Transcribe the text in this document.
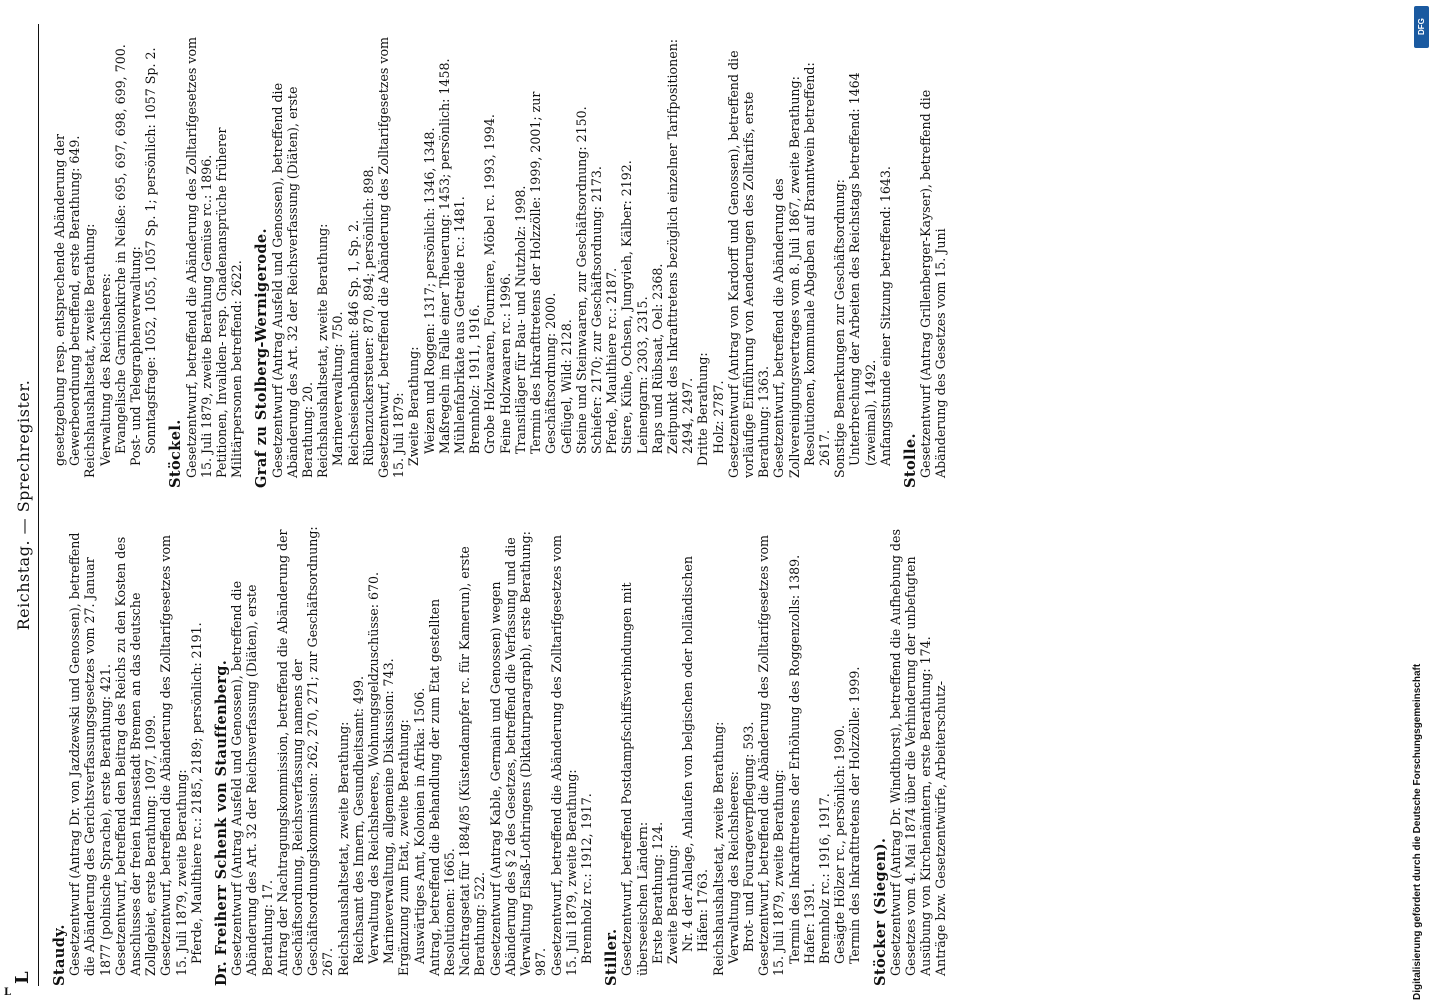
L
Reichstag. — Sprechregister.
Staudy. Gesetzentwurf (Antrag Dr. von Jazdzewski und Genossen), betreffend die Abänderung des Gerichtsverfassungsgesetzes vom 27. Januar 1877 (polnische Sprache), erste Berathung: 421. Gesetzentwurf, betreffend den Beitrag des Reichs zu den Kosten des Anschlusses der freien Hansestadt Bremen an das deutsche Zollgebiet, erste Berathung: 1097, 1099. Gesetzentwurf, betreffend die Abänderung des Zolltarifgesetzes vom 15. Juli 1879, zweite Berathung: Pferde, Maulthiere rc.: 2185, 2189; persönlich: 2191. Dr. Freiherr Schenk von Stauffenberg. Gesetzentwurf (Antrag Ausfeld und Genossen), betreffend die Abänderung des Art. 32 der Reichsverfassung (Diäten), erste Berathung: 17. Antrag der Nachtragungskommission, betreffend die Abänderung der Geschäftsordnung, Reichsverfassung namens der Geschäftsordnungskommission: 262, 270, 271; zur Geschäftsordnung: 267. Reichshaushaltsetat, zweite Berathung: Reichsamt des Innern, Gesundheitsamt: 499. Verwaltung des Reichsheeres, Wohnungsgeldzuschüsse: 670. Marineverwaltung, allgemeine Diskussion: 743. Ergänzung zum Etat, zweite Berathung: Auswärtiges Amt, Kolonien in Afrika: 1506. Antrag, betreffend die Behandlung der zum Etat gestellten Resolutionen: 1665. Nachtragsetat für 1884/85 (Küstendampfer rc. für Kamerun), erste Berathung: 522. Gesetzentwurf (Antrag Kable, Germain und Genossen) wegen Abänderung des § 2 des Gesetzes, betreffend die Verfassung und die Verwaltung Elsaß-Lothringens (Diktaturparagraph), erste Berathung: 987. Gesetzentwurf, betreffend die Abänderung des Zolltarifgesetzes vom 15. Juli 1879, zweite Berathung: Brennholz rc.: 1912, 1917. Stiller. Gesetzentwurf, betreffend Postdampfschiffsverbindungen mit überseeischen Ländern: Erste Berathung: 124. Zweite Berathung: Nr. 4 der Anlage, Anlaufen von belgischen oder holländischen Häfen: 1763. Reichshaushaltsetat, zweite Berathung: Verwaltung des Reichsheeres: Brot- und Fourageverpflegung: 593. Gesetzentwurf, betreffend die Abänderung des Zolltarifgesetzes vom 15. Juli 1879, zweite Berathung: Termin des Inkrafttretens der Erhöhung des Roggenzolls: 1389. Hafer: 1391. Brennholz rc.: 1916, 1917. Gesägte Hölzer rc., persönlich: 1990. Termin des Inkrafttretens der Holzzölle: 1999. Stöcker (Siegen). Gesetzentwurf (Antrag Dr. Windthorst), betreffend die Aufhebung des Gesetzes vom 4. Mai 1874 über die Verhinderung der unbefugten Ausübung von Kirchenämtern, erste Berathung: 174. Anträge bzw. Gesetzentwürfe, Arbeiterschutz-
gesetzgebung resp. entsprechende Abänderung der Gewerbeordnung betreffend, erste Berathung: 649. Reichshaushaltsetat, zweite Berathung: Verwaltung des Reichsheeres: Evangelische Garnisonkirche in Neiße: 695, 697, 698, 699, 700. Post- und Telegraphenverwaltung: Sonntagsfrage: 1052, 1055, 1057 Sp. 1; persönlich: 1057 Sp. 2. Stöckel. Gesetzentwurf, betreffend die Abänderung des Zolltarifgesetzes vom 15. Juli 1879, zweite Berathung Gemüse rc.: 1896. Petitionen, Invaliden- resp. Gnadenansprüche früherer Militärpersonen betreffend: 2622. Graf zu Stolberg-Wernigerode. Gesetzentwurf (Antrag Ausfeld und Genossen), betreffend die Abänderung des Art. 32 der Reichsverfassung (Diäten), erste Berathung: 20. Reichshaushaltsetat, zweite Berathung: Marineverwaltung: 750. Reichseisenbahnamt: 846 Sp. 1, Sp. 2. Rübenzuckersteuer: 870, 894; persönlich: 898. Gesetzentwurf, betreffend die Abänderung des Zolltarifgesetzes vom 15. Juli 1879: Zweite Berathung: Weizen und Roggen: 1317; persönlich: 1346, 1348. Maßregeln im Falle einer Theuerung: 1453; persönlich: 1458. Mühlenfabrikate aus Getreide rc.: 1481. Brennholz: 1911, 1916. Grobe Holzwaaren, Fourniere, Möbel rc. 1993, 1994. Feine Holzwaaren rc.: 1996. Transitläger für Bau- und Nutzholz: 1998. Termin des Inkrafttretens der Holzzölle: 1999, 2001; zur Geschäftsordnung: 2000. Geflügel, Wild: 2128. Steine und Steinwaaren, zur Geschäftsordnung: 2150. Schiefer: 2170; zur Geschäftsordnung: 2173. Pferde, Maulthiere rc.: 2187. Stiere, Kühe, Ochsen, Jungvieh, Kälber: 2192. Leinengarn: 2303, 2315. Raps und Rübsaat, Oel: 2368. Zeitpunkt des Inkrafttretens bezüglich einzelner Tarifpositionen: 2494, 2497. Dritte Berathung: Holz: 2787. Gesetzentwurf (Antrag von Kardorff und Genossen), betreffend die vorläufige Einführung von Aenderungen des Zolltarifs, erste Berathung: 1363. Gesetzentwurf, betreffend die Abänderung des Zollvereinigungsvertrages vom 8. Juli 1867, zweite Berathung: Resolutionen, kommunale Abgaben auf Branntwein betreffend: 2617. Sonstige Bemerkungen zur Geschäftsordnung: Unterbrechung der Arbeiten des Reichstags betreffend: 1464 (zweimal), 1492. Anfangsstunde einer Sitzung betreffend: 1643. Stolle. Gesetzentwurf (Antrag Grillenberger-Kayser), betreffend die Abänderung des Gesetzes vom 15. Juni
L
DFG
Digitalisierung gefördert durch die Deutsche Forschungsgemeinschaft
